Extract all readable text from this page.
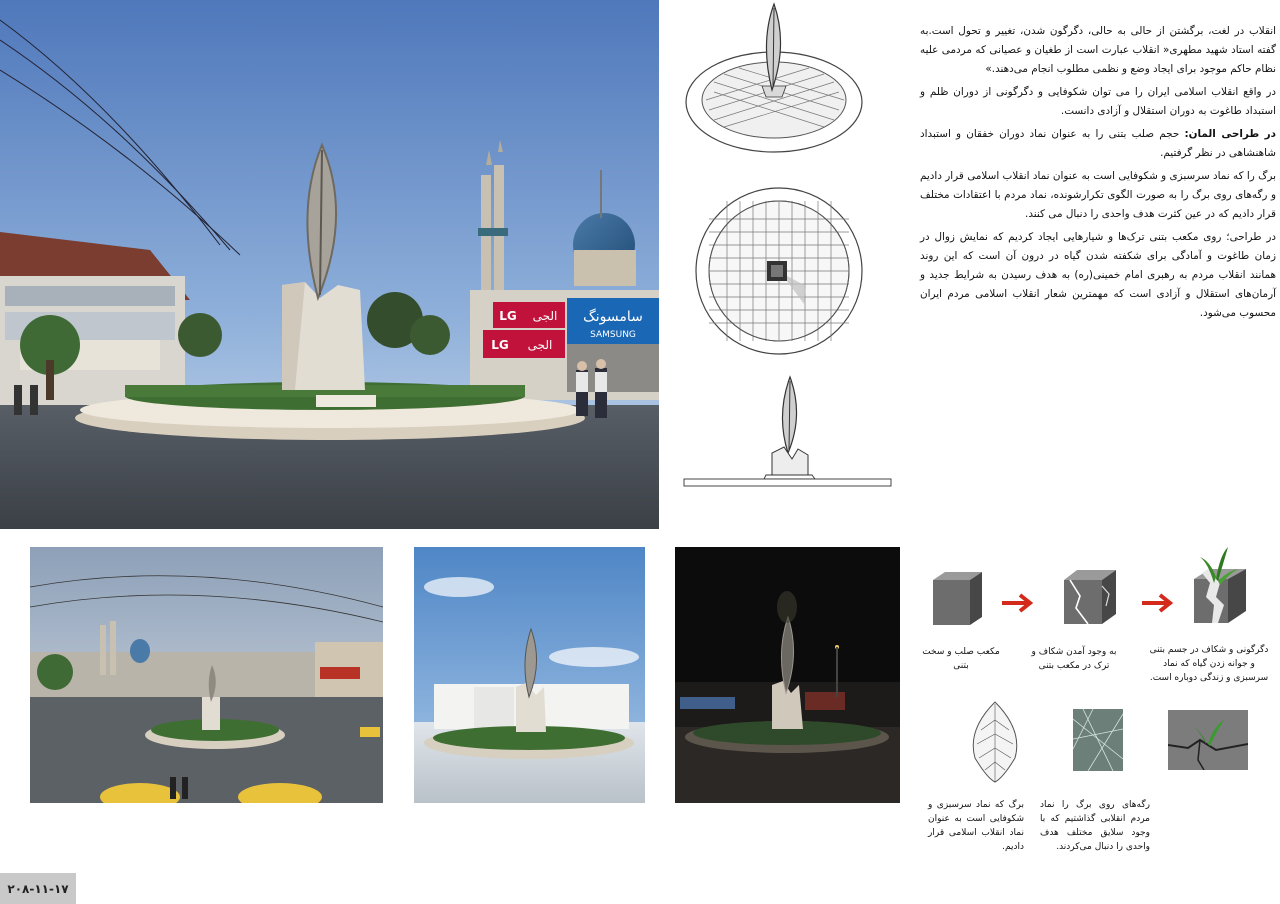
سامسونگ
SAMSUNG
LG الجی
LG الجی

انقلاب در لغت، برگشتن از حالی به حالی، دگرگون شدن، تغییر و تحول است.به گفته استاد شهید مطهری« انقلاب عبارت است از طغیان و عصیانی که مردمی علیه نظام حاکم موجود برای ایجاد وضع و نظمی مطلوب انجام می‌دهند.»

در واقع انقلاب اسلامی ایران را می توان شکوفایی و دگرگونی از دوران ظلم و استبداد طاغوت به دوران استقلال و آزادی دانست.

در طراحی المان: حجم صلب بتنی را به عنوان نماد دوران خفقان و استبداد شاهنشاهی در نظر گرفتیم.

برگ را که نماد سرسبزی و شکوفایی است به عنوان نماد انقلاب اسلامی قرار دادیم و رگه‌های روی برگ را به صورت الگوی تکرارشونده، نماد مردم با اعتقادات مختلف قرار دادیم که در عین کثرت هدف واحدی را دنبال می کنند.

در طراحی؛ روی مکعب بتنی ترک‌ها و شیارهایی ایجاد کردیم که نمایش زوال در زمان طاغوت و آمادگی برای شکفته شدن گیاه در درون آن است که این روند همانند انقلاب مردم به رهبری امام خمینی(ره) به هدف رسیدن به شرایط جدید و آرمان‌های استقلال و آزادی است که مهمترین شعار انقلاب اسلامی مردم ایران محسوب می‌شود.

مکعب صلب و سخت بتنی
به وجود آمدن شکاف و ترک در مکعب بتنی
دگرگونی و شکاف در جسم بتنی و جوانه زدن گیاه که نماد سرسبزی و زندگی دوباره است.
برگ که نماد سرسبزی و شکوفایی است به عنوان نماد انقلاب اسلامی قرار دادیم.
رگه‌های روی برگ را نماد مردم انقلابی گذاشتیم که با وجود سلایق مختلف هدف واحدی را دنبال می‌کردند.
۲۰۸-۱۱-۱۷
